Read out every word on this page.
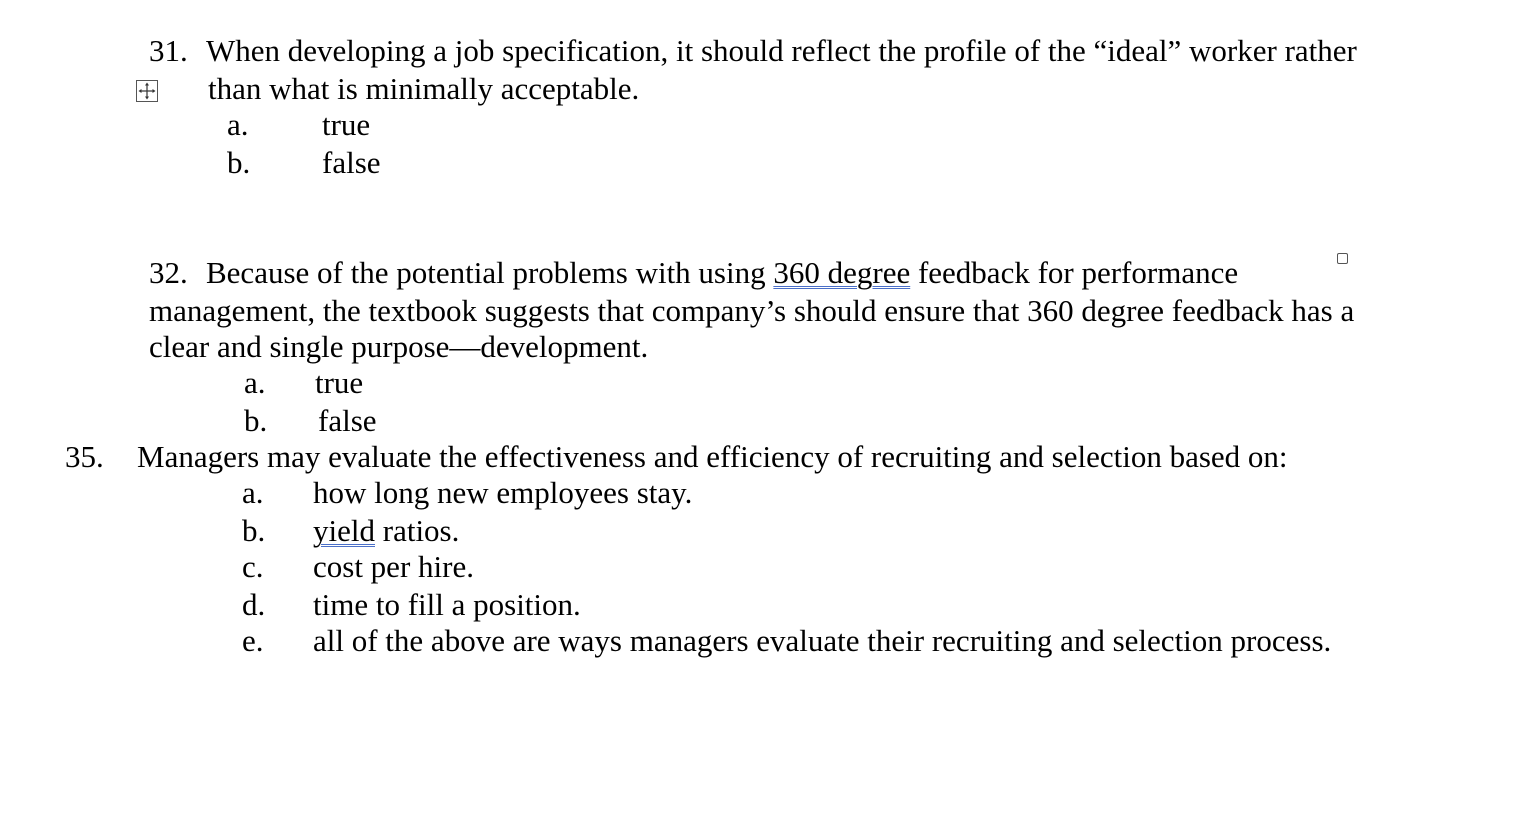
31. When developing a job specification, it should reflect the profile of the “ideal” worker rather
than what is minimally acceptable.
a. true
b. false
32. Because of the potential problems with using 360 degree feedback for performance
management, the textbook suggests that company’s should ensure that 360 degree feedback has a
clear and single purpose—development.
a. true
b. false
35. Managers may evaluate the effectiveness and efficiency of recruiting and selection based on:
a. how long new employees stay.
b. yield ratios.
c. cost per hire.
d. time to fill a position.
e. all of the above are ways managers evaluate their recruiting and selection process.
